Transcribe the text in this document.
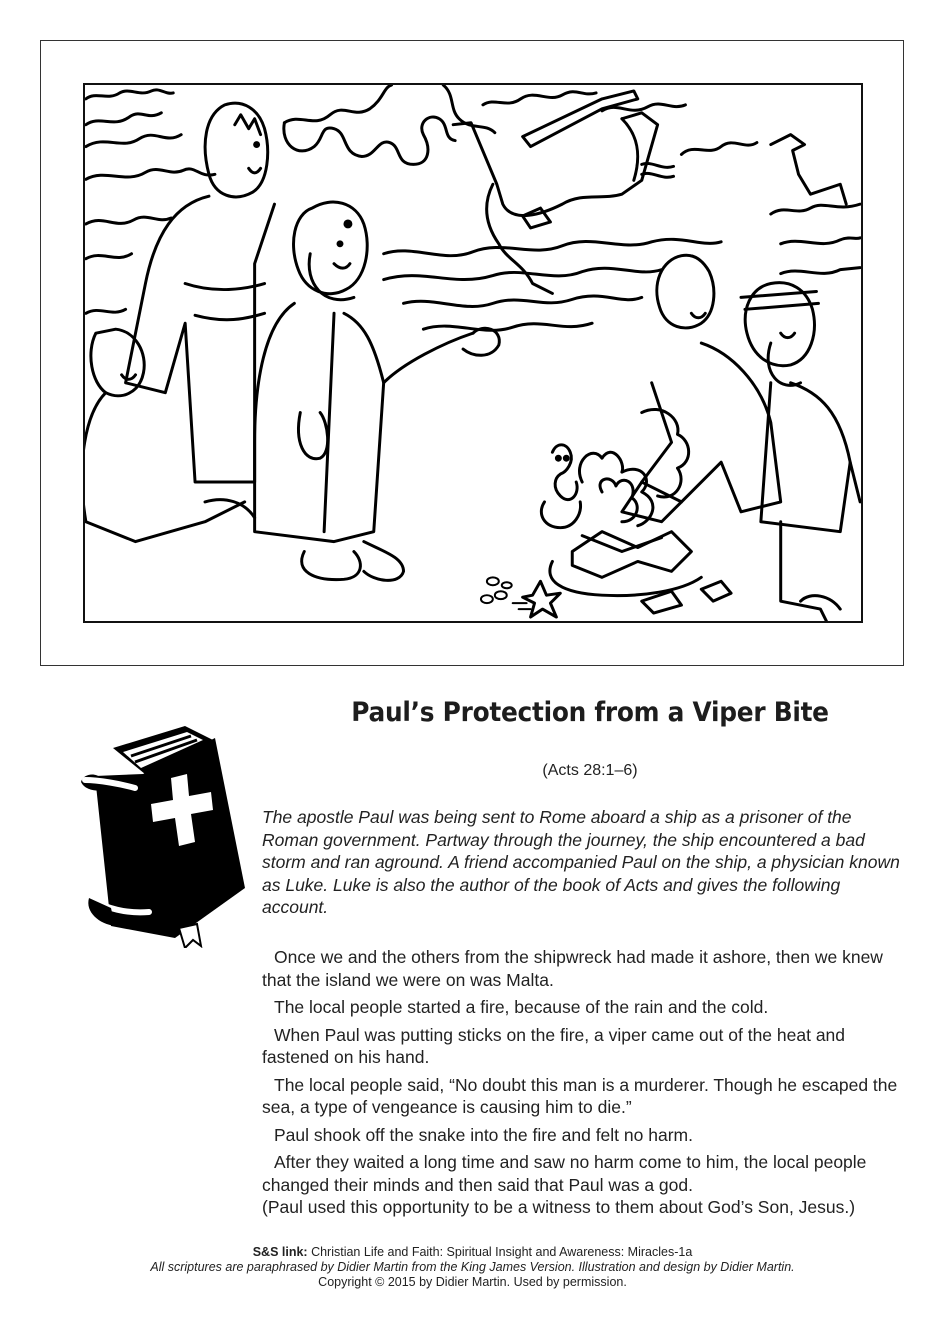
Paul’s Protection from a Viper Bite
(Acts 28:1–6)

The apostle Paul was being sent to Rome aboard a ship as a prisoner of the Roman government. Partway through the journey, the ship encountered a bad storm and ran aground. A friend accompanied Paul on the ship, a physician known as Luke. Luke is also the author of the book of Acts and gives the following account.

Once we and the others from the shipwreck had made it ashore, then we knew that the island we were on was Malta.

The local people started a fire, because of the rain and the cold.

When Paul was putting sticks on the fire, a viper came out of the heat and fastened on his hand.

The local people said, “No doubt this man is a murderer. Though he escaped the sea, a type of vengeance is causing him to die.”

Paul shook off the snake into the fire and felt no harm.

After they waited a long time and saw no harm come to him, the local people changed their minds and then said that Paul was a god.

(Paul used this opportunity to be a witness to them about God’s Son, Jesus.)

S&S link: Christian Life and Faith: Spiritual Insight and Awareness: Miracles-1a
All scriptures are paraphrased by Didier Martin from the King James Version. Illustration and design by Didier Martin.
Copyright © 2015 by Didier Martin. Used by permission.
